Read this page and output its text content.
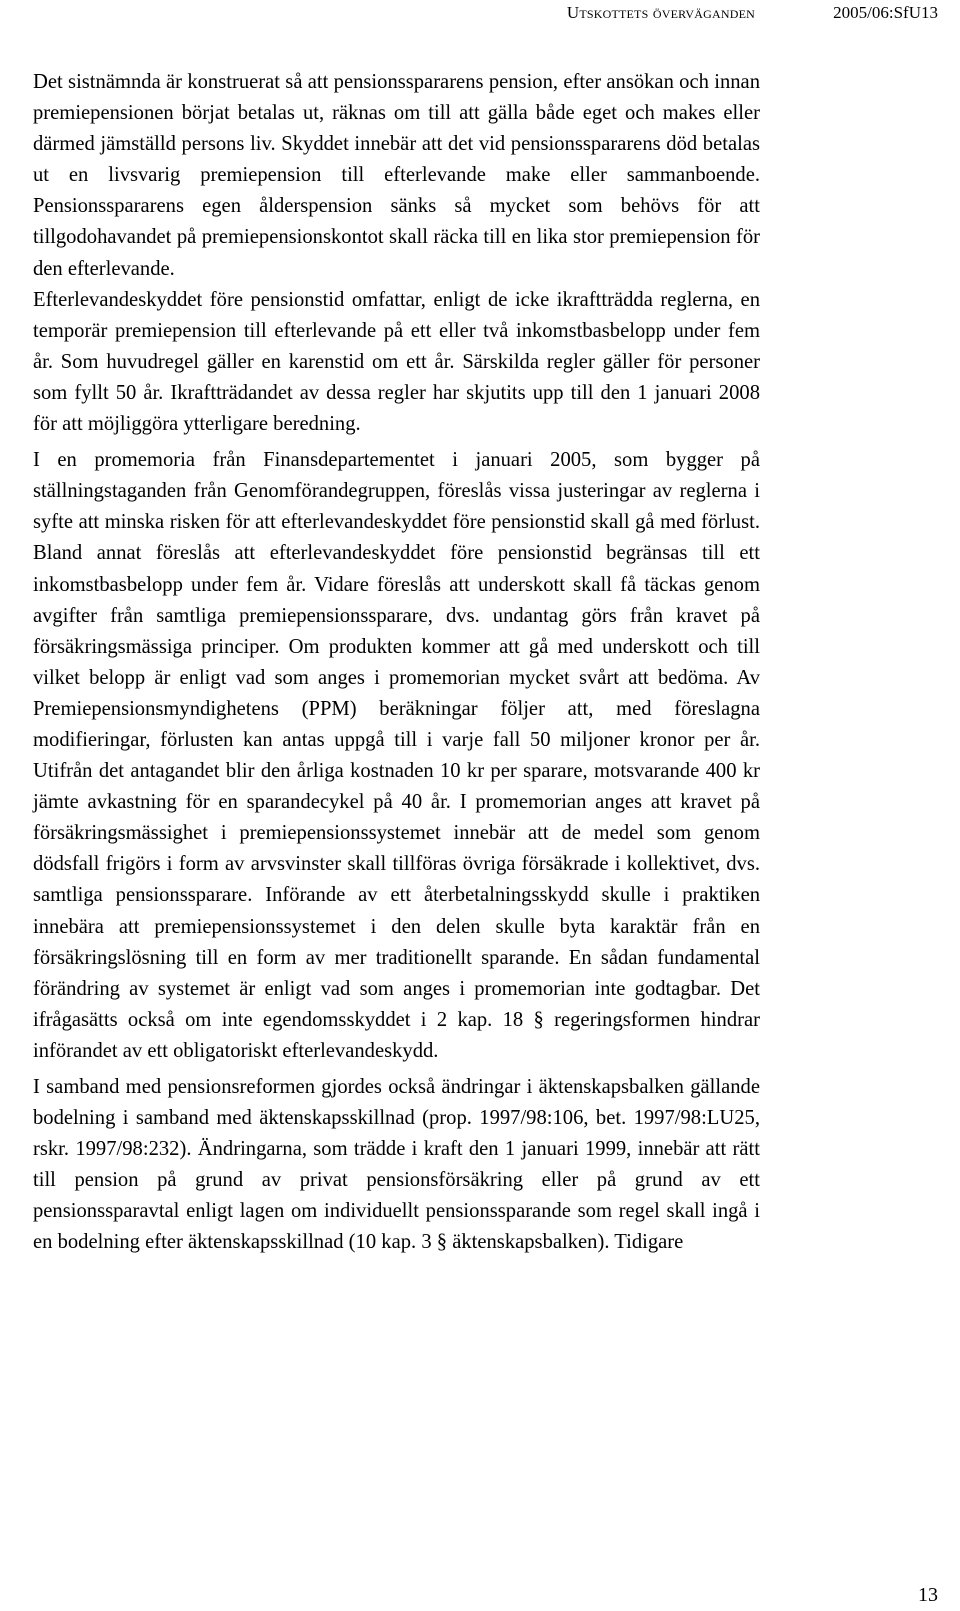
Utskottets överväganden	2005/06:SfU13

Det sistnämnda är konstruerat så att pensionsspararens pension, efter ansökan och innan premiepensionen börjat betalas ut, räknas om till att gälla både eget och makes eller därmed jämställd persons liv. Skyddet innebär att det vid pensionsspararens död betalas ut en livsvarig premiepension till efterlevande make eller sammanboende. Pensionsspararens egen ålderspension sänks så mycket som behövs för att tillgodohavandet på premiepensionskontot skall räcka till en lika stor premiepension för den efterlevande.

Efterlevandeskyddet före pensionstid omfattar, enligt de icke ikraftträdda reglerna, en temporär premiepension till efterlevande på ett eller två inkomstbasbelopp under fem år. Som huvudregel gäller en karenstid om ett år. Särskilda regler gäller för personer som fyllt 50 år. Ikraftträdandet av dessa regler har skjutits upp till den 1 januari 2008 för att möjliggöra ytterligare beredning.

I en promemoria från Finansdepartementet i januari 2005, som bygger på ställningstaganden från Genomförandegruppen, föreslås vissa justeringar av reglerna i syfte att minska risken för att efterlevandeskyddet före pensionstid skall gå med förlust. Bland annat föreslås att efterlevandeskyddet före pensionstid begränsas till ett inkomstbasbelopp under fem år. Vidare föreslås att underskott skall få täckas genom avgifter från samtliga premiepensionssparare, dvs. undantag görs från kravet på försäkringsmässiga principer. Om produkten kommer att gå med underskott och till vilket belopp är enligt vad som anges i promemorian mycket svårt att bedöma. Av Premiepensionsmyndighetens (PPM) beräkningar följer att, med föreslagna modifieringar, förlusten kan antas uppgå till i varje fall 50 miljoner kronor per år. Utifrån det antagandet blir den årliga kostnaden 10 kr per sparare, motsvarande 400 kr jämte avkastning för en sparandecykel på 40 år. I promemorian anges att kravet på försäkringsmässighet i premiepensionssystemet innebär att de medel som genom dödsfall frigörs i form av arvsvinster skall tillföras övriga försäkrade i kollektivet, dvs. samtliga pensionssparare. Införande av ett återbetalningsskydd skulle i praktiken innebära att premiepensionssystemet i den delen skulle byta karaktär från en försäkringslösning till en form av mer traditionellt sparande. En sådan fundamental förändring av systemet är enligt vad som anges i promemorian inte godtagbar. Det ifrågasätts också om inte egendomsskyddet i 2 kap. 18 § regeringsformen hindrar införandet av ett obligatoriskt efterlevandeskydd.

I samband med pensionsreformen gjordes också ändringar i äktenskapsbalken gällande bodelning i samband med äktenskapsskillnad (prop. 1997/98:106, bet. 1997/98:LU25, rskr. 1997/98:232). Ändringarna, som trädde i kraft den 1 januari 1999, innebär att rätt till pension på grund av privat pensionsförsäkring eller på grund av ett pensionssparavtal enligt lagen om individuellt pensionssparande som regel skall ingå i en bodelning efter äktenskapsskillnad (10 kap. 3 § äktenskapsbalken). Tidigare

13
